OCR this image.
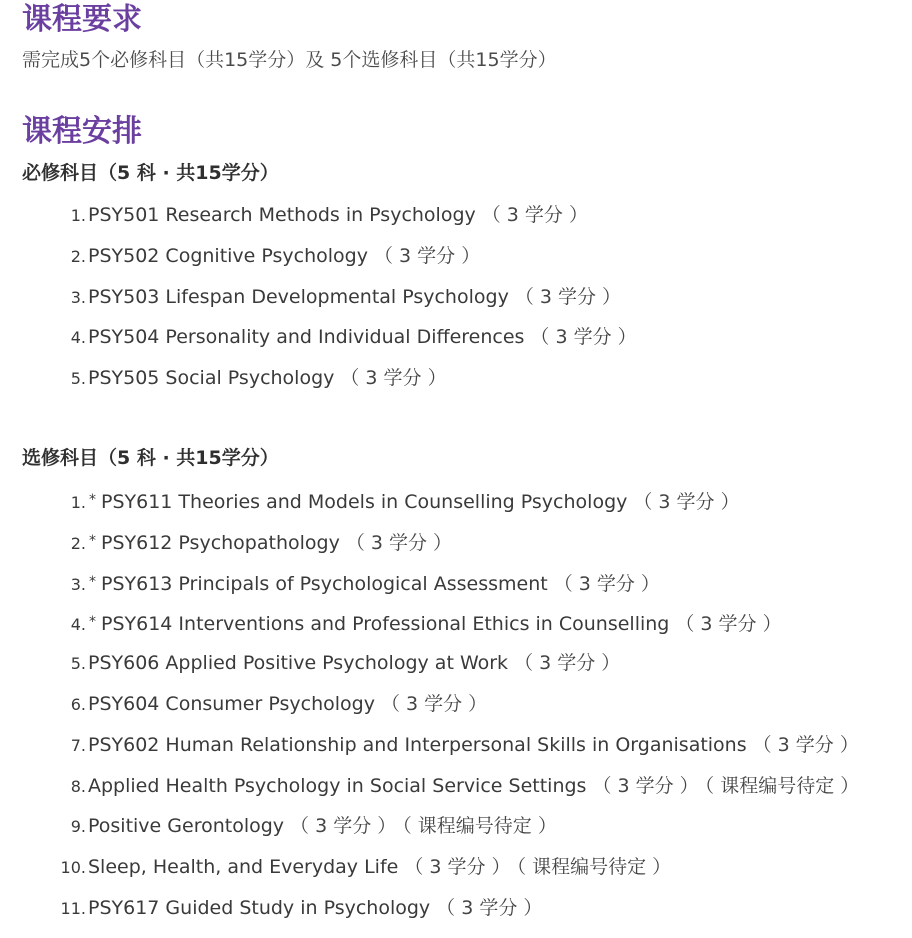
课程要求
需完成5个必修科目（共15学分）及 5个选修科目（共15学分）
课程安排
必修科目（5 科 · 共15学分）
1. PSY501 Research Methods in Psychology （ 3 学分 ）
2. PSY502 Cognitive Psychology （ 3 学分 ）
3. PSY503 Lifespan Developmental Psychology （ 3 学分 ）
4. PSY504 Personality and Individual Differences （ 3 学分 ）
5. PSY505 Social Psychology （ 3 学分 ）
选修科目（5 科 · 共15学分）
1. * PSY611 Theories and Models in Counselling Psychology （ 3 学分 ）
2. * PSY612 Psychopathology （ 3 学分 ）
3. * PSY613 Principals of Psychological Assessment （ 3 学分 ）
4. * PSY614 Interventions and Professional Ethics in Counselling （ 3 学分 ）
5. PSY606 Applied Positive Psychology at Work （ 3 学分 ）
6. PSY604 Consumer Psychology （ 3 学分 ）
7. PSY602 Human Relationship and Interpersonal Skills in Organisations （ 3 学分 ）
8. Applied Health Psychology in Social Service Settings （ 3 学分 ） （ 课程编号待定 ）
9. Positive Gerontology （ 3 学分 ） （ 课程编号待定 ）
10. Sleep, Health, and Everyday Life （ 3 学分 ） （ 课程编号待定 ）
11. PSY617 Guided Study in Psychology （ 3 学分 ）
